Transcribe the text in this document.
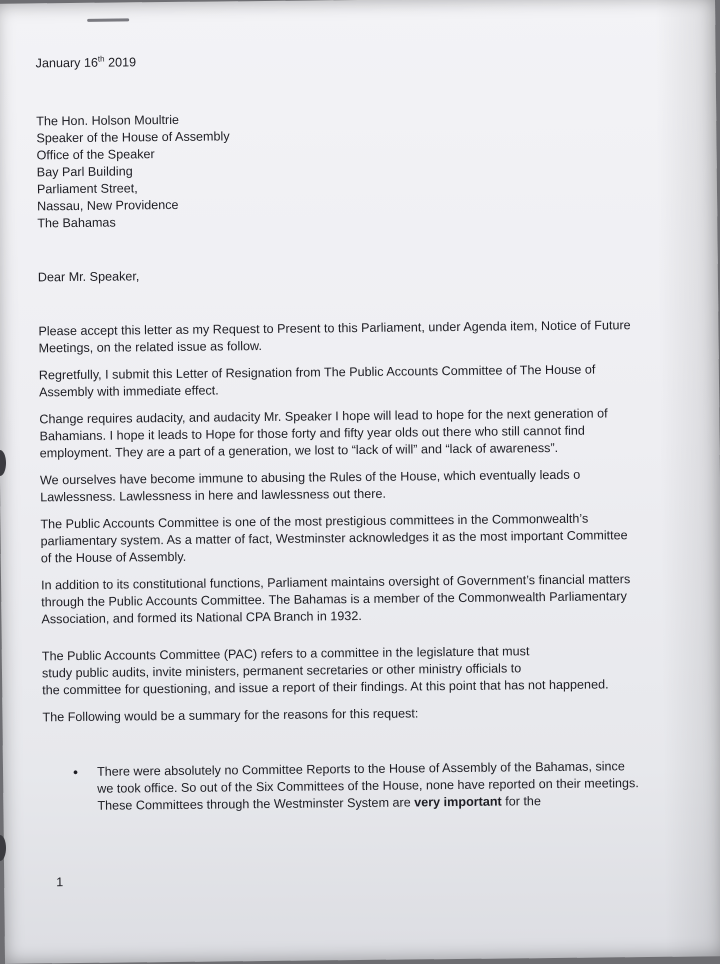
January 16th 2019

The Hon. Holson Moultrie
Speaker of the House of Assembly
Office of the Speaker
Bay Parl Building
Parliament Street,
Nassau, New Providence
The Bahamas

Dear Mr. Speaker,

Please accept this letter as my Request to Present to this Parliament, under Agenda item, Notice of Future Meetings, on the related issue as follow.

Regretfully, I submit this Letter of Resignation from The Public Accounts Committee of The House of Assembly with immediate effect.

Change requires audacity, and audacity Mr. Speaker I hope will lead to hope for the next generation of Bahamians. I hope it leads to Hope for those forty and fifty year olds out there who still cannot find employment. They are a part of a generation, we lost to “lack of will” and “lack of awareness”.

We ourselves have become immune to abusing the Rules of the House, which eventually leads o Lawlessness. Lawlessness in here and lawlessness out there.

The Public Accounts Committee is one of the most prestigious committees in the Commonwealth’s parliamentary system. As a matter of fact, Westminster acknowledges it as the most important Committee of the House of Assembly.

In addition to its constitutional functions, Parliament maintains oversight of Government’s financial matters through the Public Accounts Committee. The Bahamas is a member of the Commonwealth Parliamentary Association, and formed its National CPA Branch in 1932.

The Public Accounts Committee (PAC) refers to a committee in the legislature that must
study public audits, invite ministers, permanent secretaries or other ministry officials to
the committee for questioning, and issue a report of their findings. At this point that has not happened.

The Following would be a summary for the reasons for this request:

• There were absolutely no Committee Reports to the House of Assembly of the Bahamas, since we took office. So out of the Six Committees of the House, none have reported on their meetings. These Committees through the Westminster System are very important for the
1
